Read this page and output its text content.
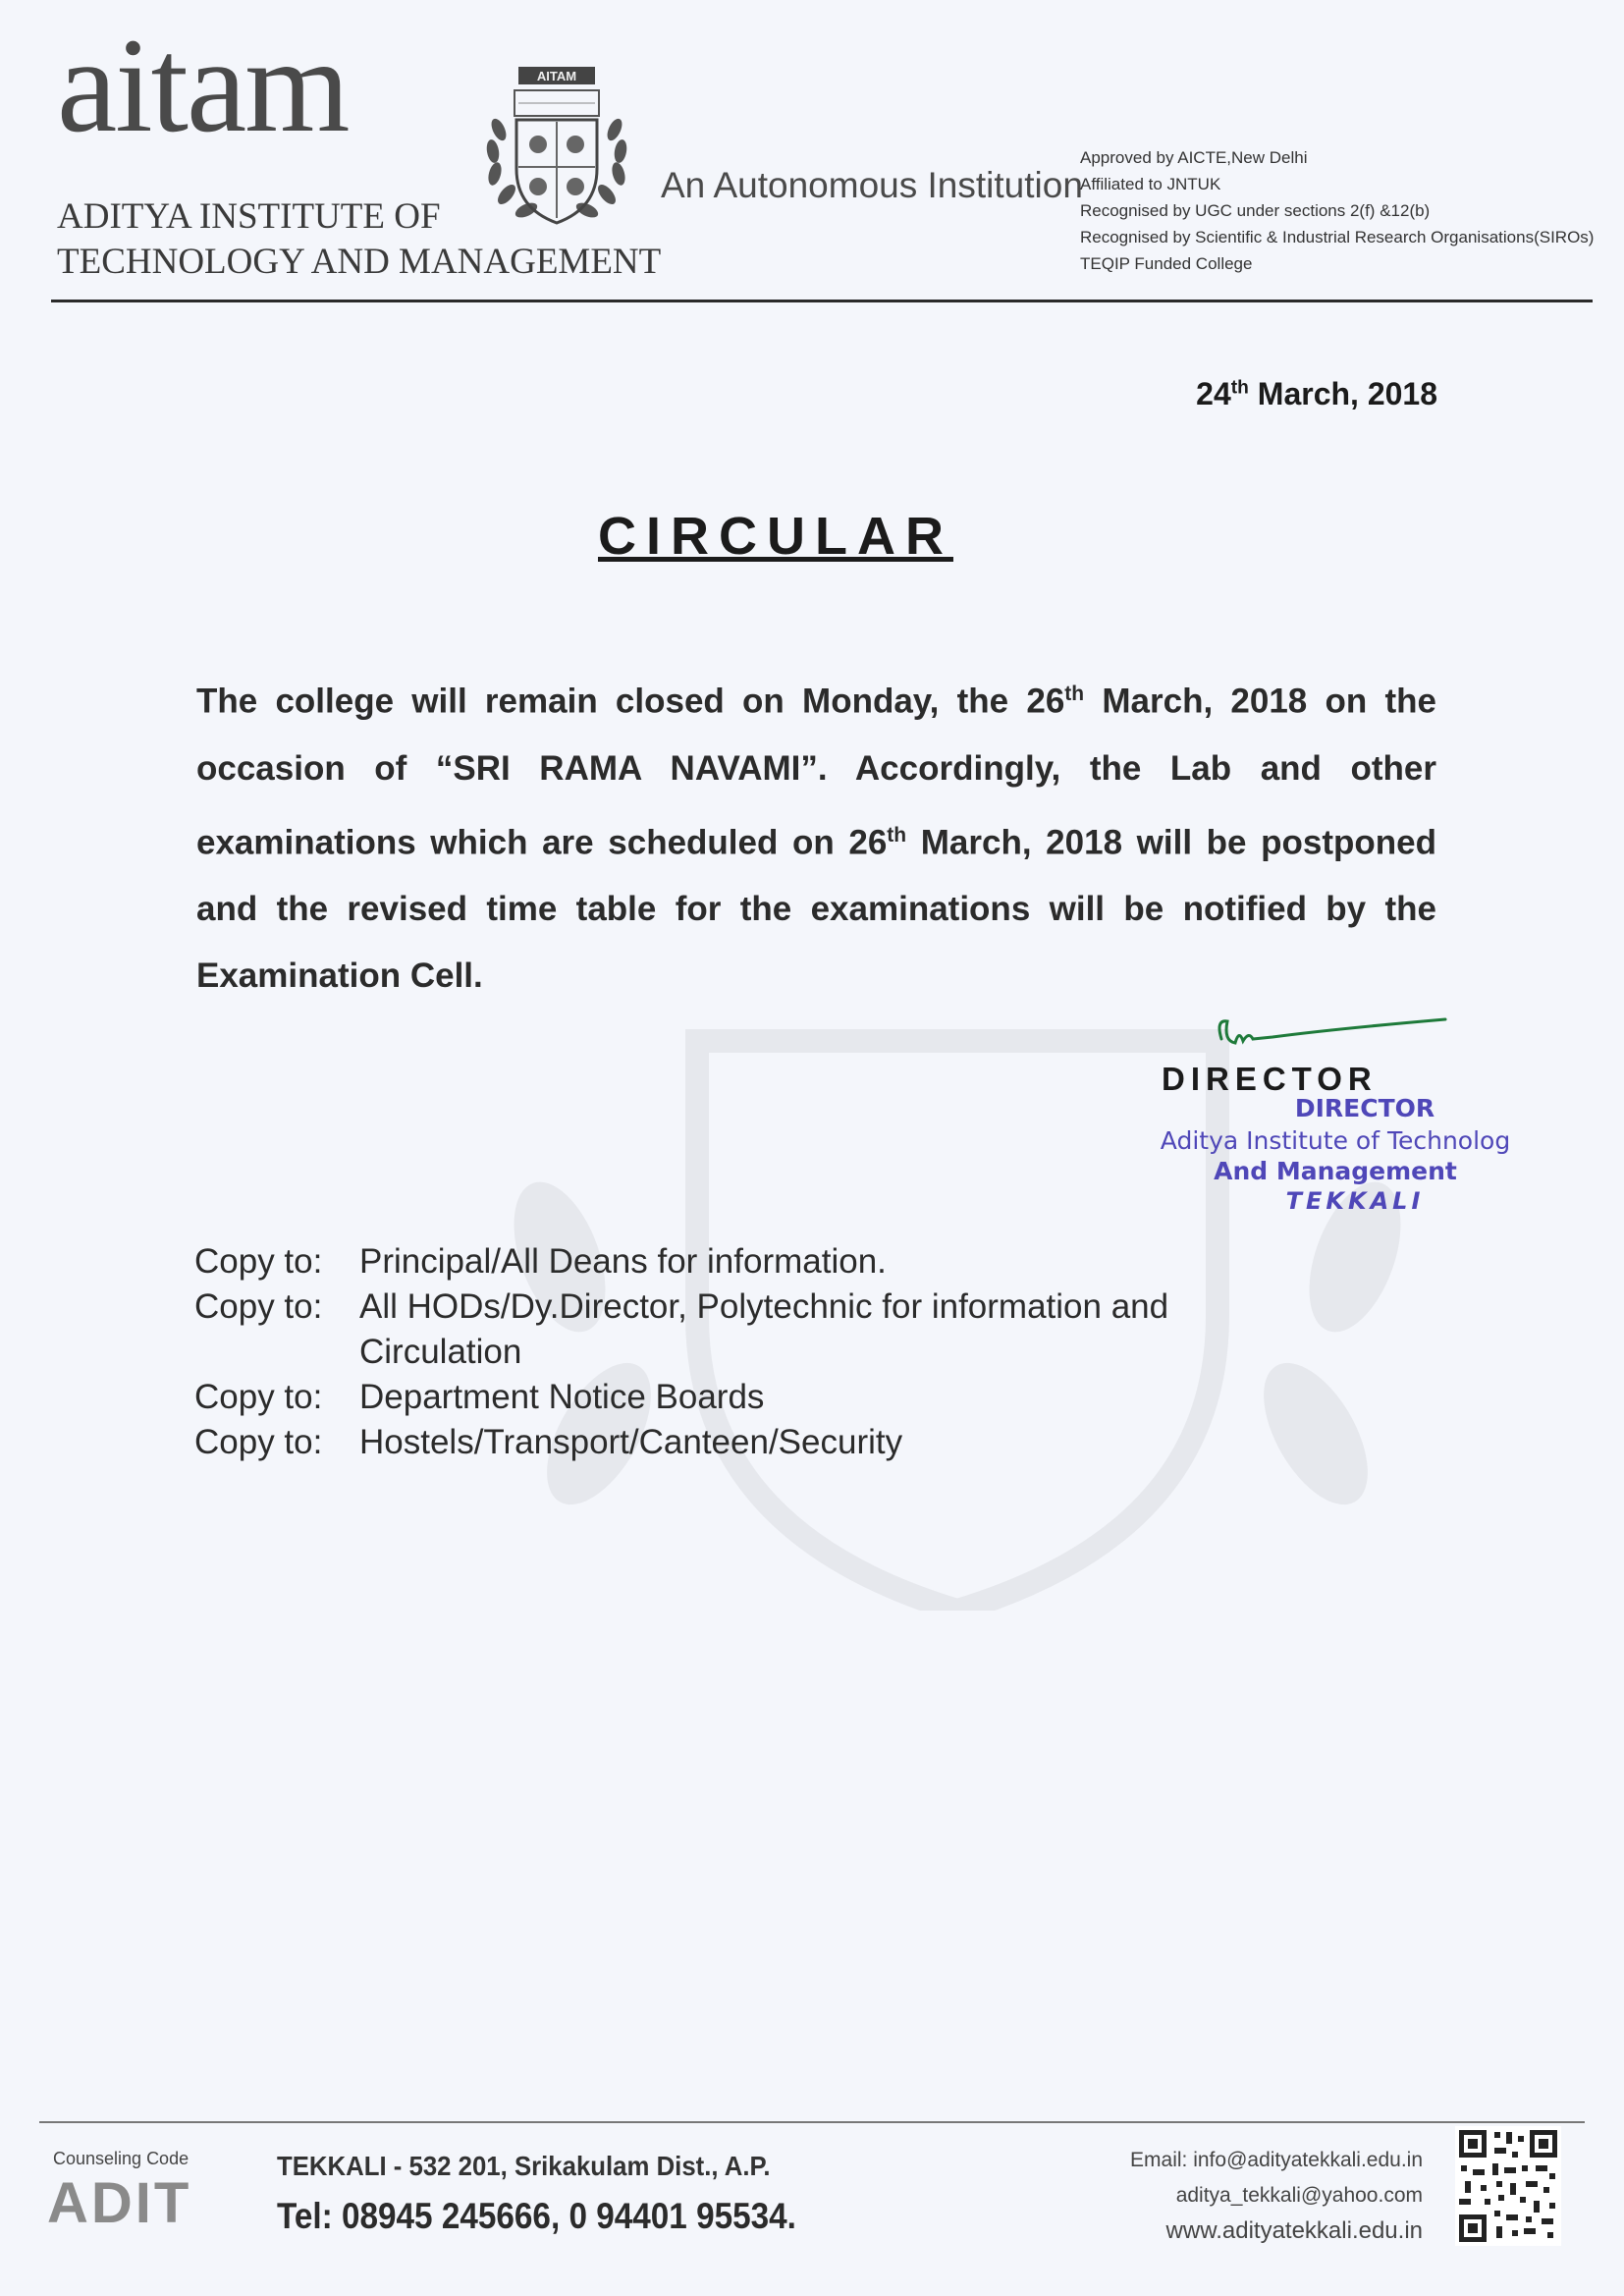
aitam
ADITYA INSTITUTE OF
TECHNOLOGY AND MANAGEMENT
AITAM
An Autonomous Institution
Approved by AICTE,New Delhi
Affiliated to JNTUK
Recognised by UGC under sections 2(f) &12(b)
Recognised by Scientific & Industrial Research Organisations(SIROs)
TEQIP Funded College
24th March, 2018
CIRCULAR
The college will remain closed on Monday, the 26th March, 2018 on the occasion of “SRI RAMA NAVAMI”. Accordingly, the Lab and other examinations which are scheduled on 26th March, 2018 will be postponed and the revised time table for the examinations will be notified by the Examination Cell.
DIRECTOR
DIRECTOR
Aditya Institute of Technolog
And Management
TEKKALI
Copy to:	Principal/All Deans for information.
Copy to:	All HODs/Dy.Director, Polytechnic for information and
Circulation
Copy to:	Department Notice Boards
Copy to:	Hostels/Transport/Canteen/Security
Counseling Code
ADIT
TEKKALI - 532 201, Srikakulam Dist., A.P.
Tel: 08945 245666, 0 94401 95534.
Email: info@adityatekkali.edu.in
aditya_tekkali@yahoo.com
www.adityatekkali.edu.in
